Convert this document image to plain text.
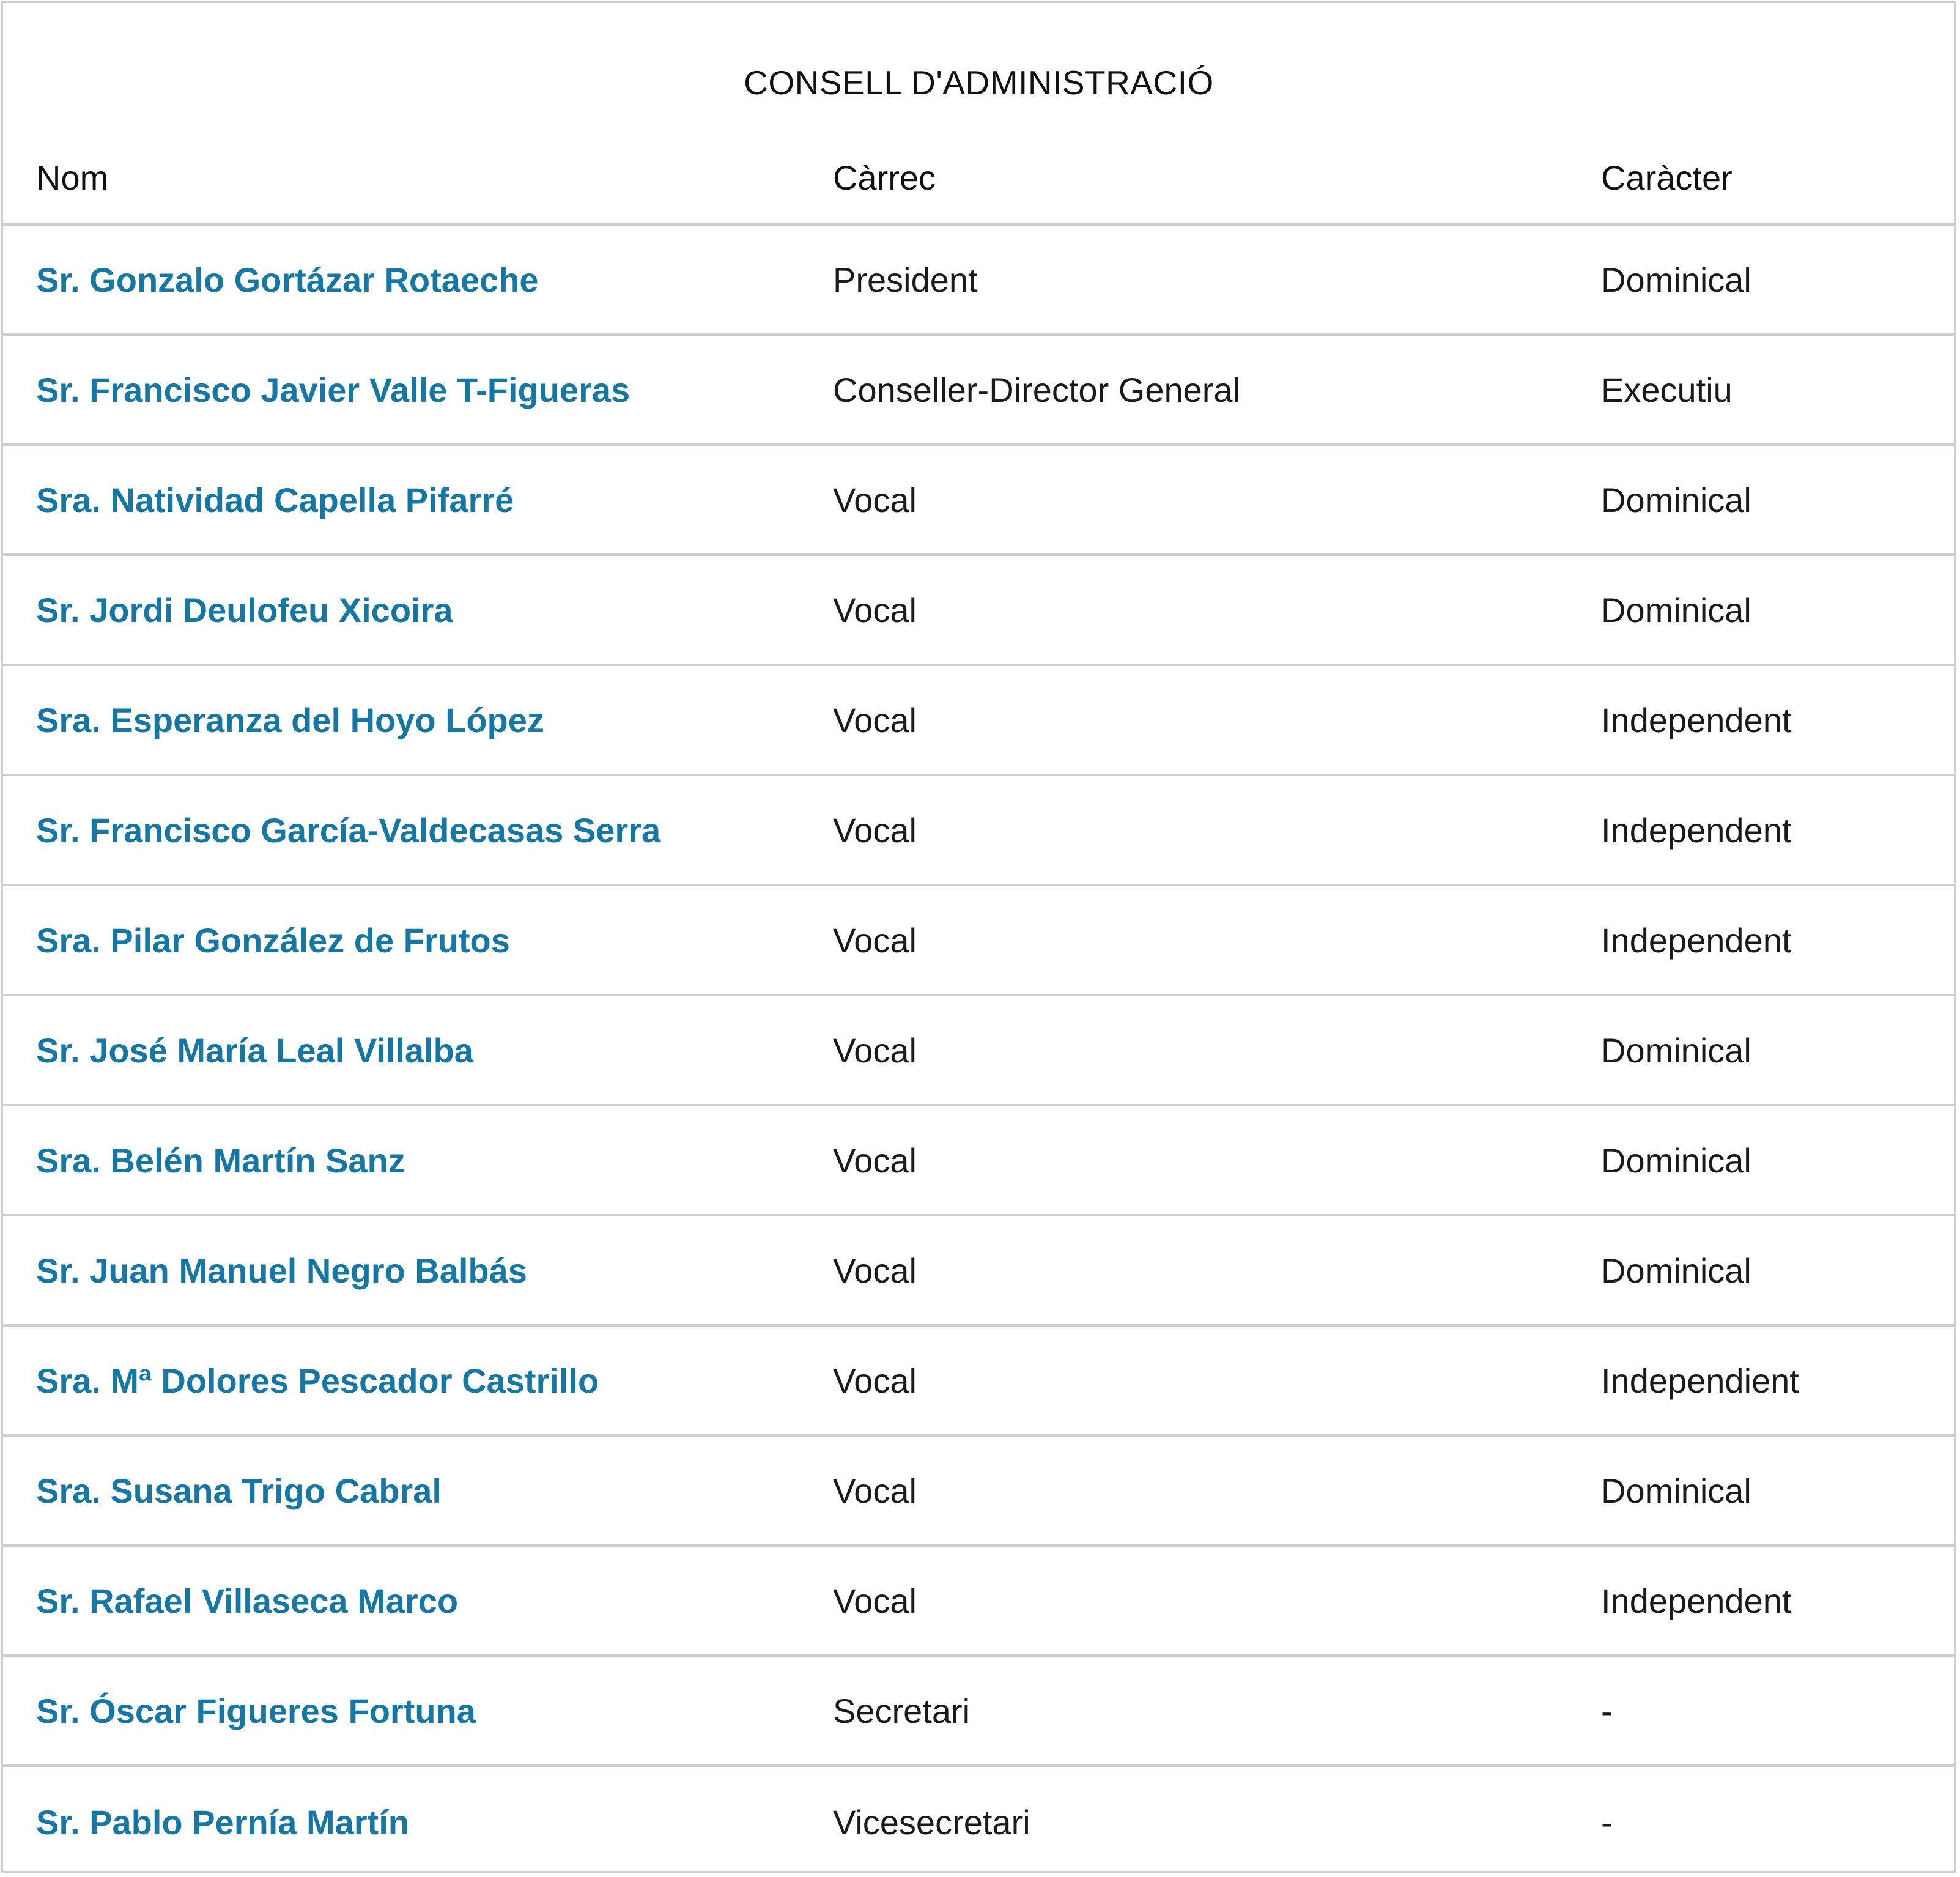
CONSELL D'ADMINISTRACIÓ
Nom	Càrrec	Caràcter
Sr. Gonzalo Gortázar Rotaeche	President	Dominical
Sr. Francisco Javier Valle T-Figueras	Conseller-Director General	Executiu
Sra. Natividad Capella Pifarré	Vocal	Dominical
Sr. Jordi Deulofeu Xicoira	Vocal	Dominical
Sra. Esperanza del Hoyo López	Vocal	Independent
Sr. Francisco García-Valdecasas Serra	Vocal	Independent
Sra. Pilar González de Frutos	Vocal	Independent
Sr. José María Leal Villalba	Vocal	Dominical
Sra. Belén Martín Sanz	Vocal	Dominical
Sr. Juan Manuel Negro Balbás	Vocal	Dominical
Sra. Mª Dolores Pescador Castrillo	Vocal	Independient
Sra. Susana Trigo Cabral	Vocal	Dominical
Sr. Rafael Villaseca Marco	Vocal	Independent
Sr. Óscar Figueres Fortuna	Secretari	-
Sr. Pablo Pernía Martín	Vicesecretari	-
